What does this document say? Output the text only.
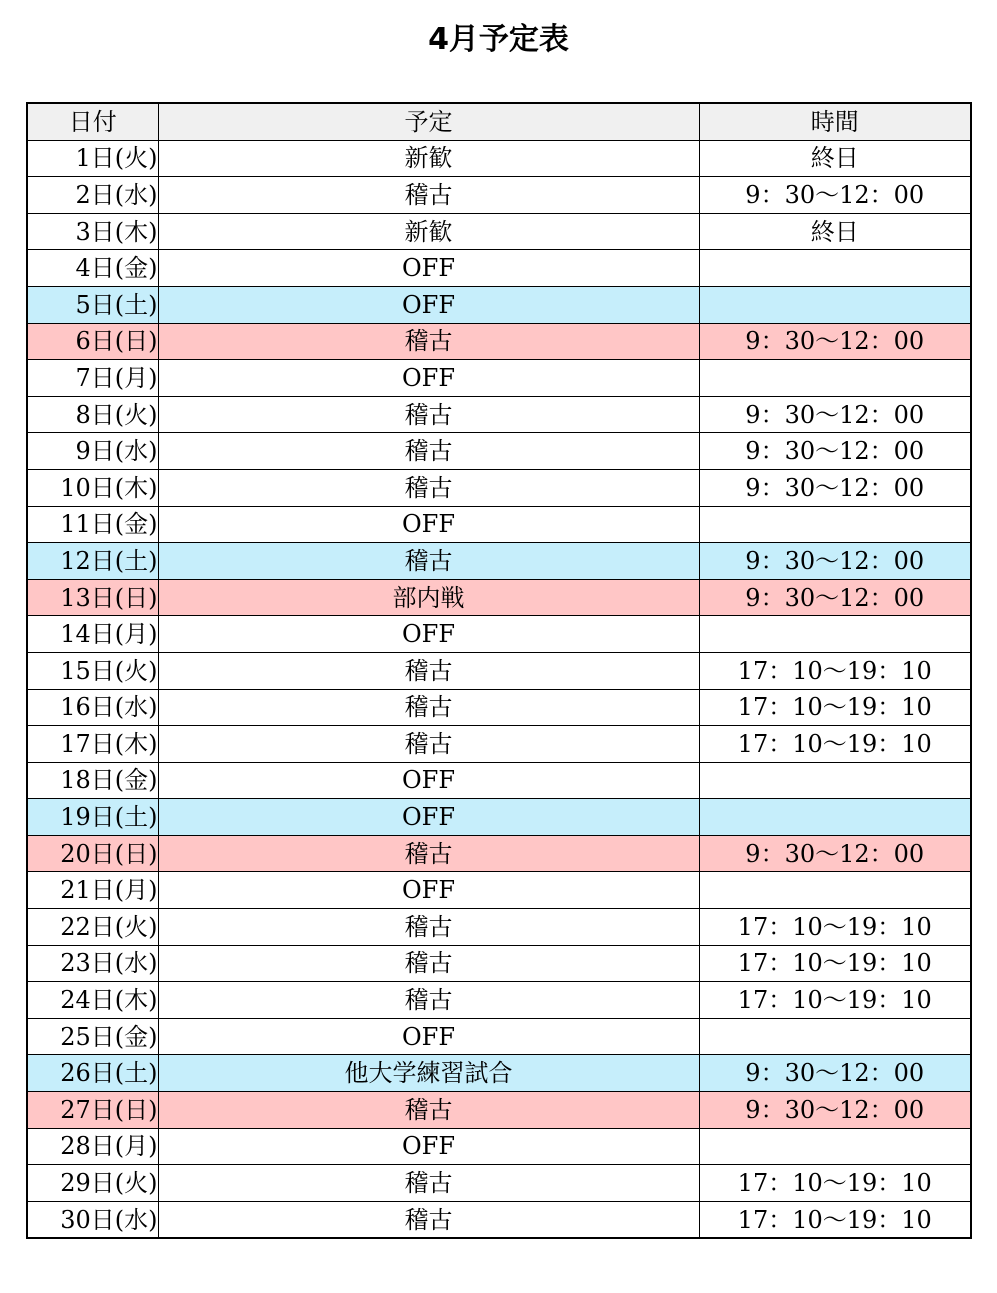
4月予定表
日付	予定	時間
1日(火)	新歓	終日
2日(水)	稽古	9：30〜12：00
3日(木)	新歓	終日
4日(金)	OFF	
5日(土)	OFF	
6日(日)	稽古	9：30〜12：00
7日(月)	OFF	
8日(火)	稽古	9：30〜12：00
9日(水)	稽古	9：30〜12：00
10日(木)	稽古	9：30〜12：00
11日(金)	OFF	
12日(土)	稽古	9：30〜12：00
13日(日)	部内戦	9：30〜12：00
14日(月)	OFF	
15日(火)	稽古	17：10〜19：10
16日(水)	稽古	17：10〜19：10
17日(木)	稽古	17：10〜19：10
18日(金)	OFF	
19日(土)	OFF	
20日(日)	稽古	9：30〜12：00
21日(月)	OFF	
22日(火)	稽古	17：10〜19：10
23日(水)	稽古	17：10〜19：10
24日(木)	稽古	17：10〜19：10
25日(金)	OFF	
26日(土)	他大学練習試合	9：30〜12：00
27日(日)	稽古	9：30〜12：00
28日(月)	OFF	
29日(火)	稽古	17：10〜19：10
30日(水)	稽古	17：10〜19：10
